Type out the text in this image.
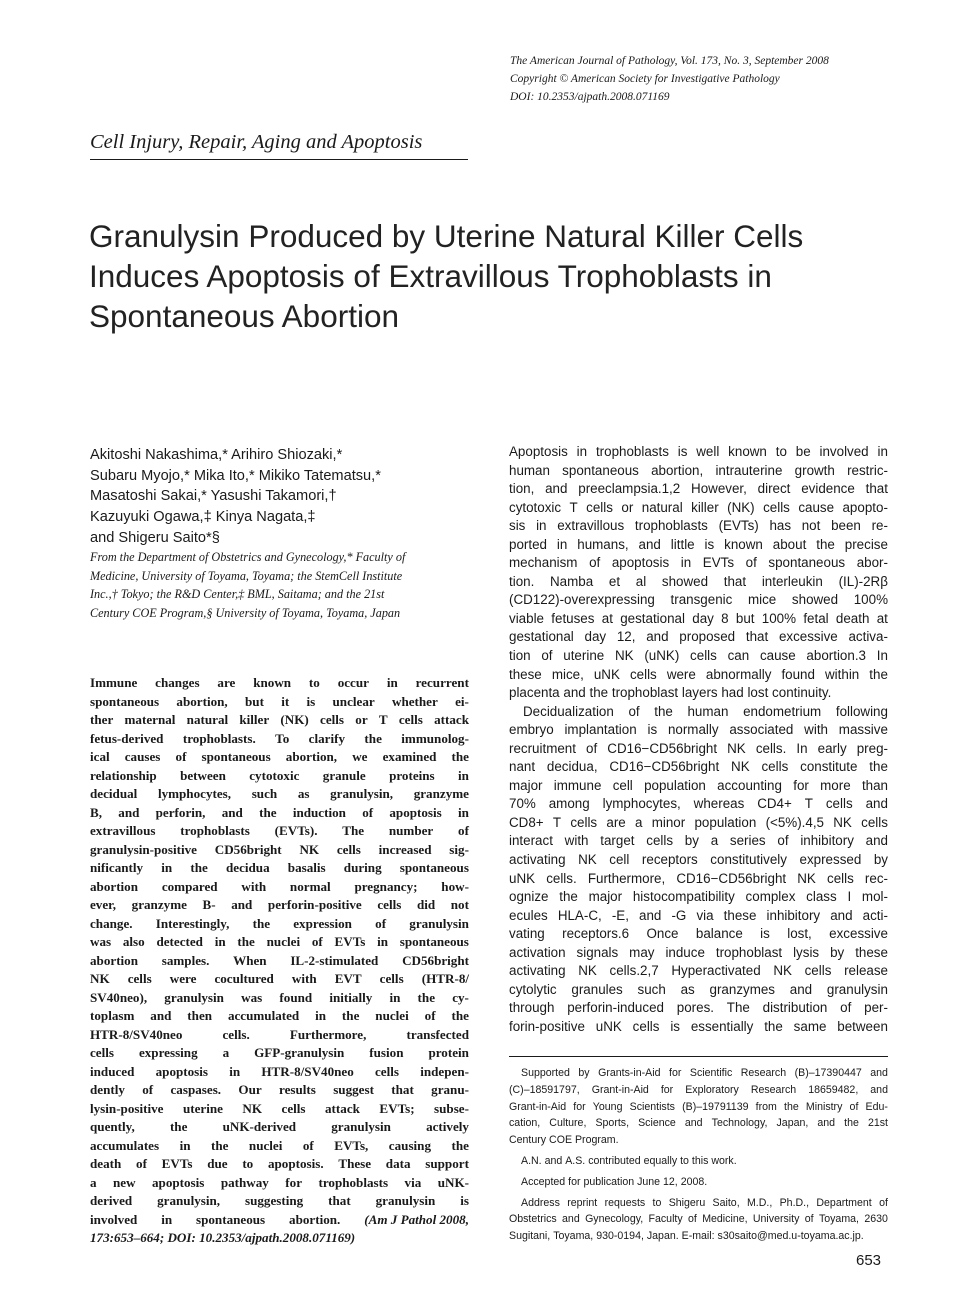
The American Journal of Pathology, Vol. 173, No. 3, September 2008
Copyright © American Society for Investigative Pathology
DOI: 10.2353/ajpath.2008.071169
Cell Injury, Repair, Aging and Apoptosis
Granulysin Produced by Uterine Natural Killer Cells
Induces Apoptosis of Extravillous Trophoblasts in
Spontaneous Abortion
Akitoshi Nakashima,* Arihiro Shiozaki,*
Subaru Myojo,* Mika Ito,* Mikiko Tatematsu,*
Masatoshi Sakai,* Yasushi Takamori,†
Kazuyuki Ogawa,‡ Kinya Nagata,‡
and Shigeru Saito*§
From the Department of Obstetrics and Gynecology,* Faculty of
Medicine, University of Toyama, Toyama; the StemCell Institute
Inc.,† Tokyo; the R&D Center,‡ BML, Saitama; and the 21st
Century COE Program,§ University of Toyama, Toyama, Japan
Immune changes are known to occur in recurrent
spontaneous abortion, but it is unclear whether ei-
ther maternal natural killer (NK) cells or T cells attack
fetus-derived trophoblasts. To clarify the immunolog-
ical causes of spontaneous abortion, we examined the
relationship between cytotoxic granule proteins in
decidual lymphocytes, such as granulysin, granzyme
B, and perforin, and the induction of apoptosis in
extravillous trophoblasts (EVTs). The number of
granulysin-positive CD56bright NK cells increased sig-
nificantly in the decidua basalis during spontaneous
abortion compared with normal pregnancy; how-
ever, granzyme B- and perforin-positive cells did not
change. Interestingly, the expression of granulysin
was also detected in the nuclei of EVTs in spontaneous
abortion samples. When IL-2-stimulated CD56bright
NK cells were cocultured with EVT cells (HTR-8/
SV40neo), granulysin was found initially in the cy-
toplasm and then accumulated in the nuclei of the
HTR-8/SV40neo	cells.	Furthermore,	transfected
cells expressing a GFP-granulysin fusion protein
induced apoptosis in HTR-8/SV40neo cells indepen-
dently of caspases. Our results suggest that granu-
lysin-positive uterine NK cells attack EVTs; subse-
quently,	the	uNK-derived	granulysin	actively
accumulates in the nuclei of EVTs, causing the
death of EVTs due to apoptosis. These data support
a new apoptosis pathway for trophoblasts via uNK-
derived granulysin, suggesting that granulysin is
involved in spontaneous abortion. (Am J Pathol 2008,
173:653–664; DOI: 10.2353/ajpath.2008.071169)
Apoptosis in trophoblasts is well known to be involved in
human spontaneous abortion, intrauterine growth restric-
tion, and preeclampsia.1,2 However, direct evidence that
cytotoxic T cells or natural killer (NK) cells cause apopto-
sis in extravillous trophoblasts (EVTs) has not been re-
ported in humans, and little is known about the precise
mechanism of apoptosis in EVTs of spontaneous abor-
tion. Namba et al showed that interleukin (IL)-2Rβ
(CD122)-overexpressing transgenic mice showed 100%
viable fetuses at gestational day 8 but 100% fetal death at
gestational day 12, and proposed that excessive activa-
tion of uterine NK (uNK) cells can cause abortion.3 In
these mice, uNK cells were abnormally found within the
placenta and the trophoblast layers had lost continuity.
Decidualization of the human endometrium following
embryo implantation is normally associated with massive
recruitment of CD16−CD56bright NK cells. In early preg-
nant decidua, CD16−CD56bright NK cells constitute the
major immune cell population accounting for more than
70% among lymphocytes, whereas CD4+ T cells and
CD8+ T cells are a minor population (<5%).4,5 NK cells
interact with target cells by a series of inhibitory and
activating NK cell receptors constitutively expressed by
uNK cells. Furthermore, CD16−CD56bright NK cells rec-
ognize the major histocompatibility complex class I mol-
ecules HLA-C, -E, and -G via these inhibitory and acti-
vating receptors.6 Once balance is lost, excessive
activation signals may induce trophoblast lysis by these
activating NK cells.2,7 Hyperactivated NK cells release
cytolytic granules such as granzymes and granulysin
through perforin-induced pores. The distribution of per-
forin-positive uNK cells is essentially the same between
Supported by Grants-in-Aid for Scientific Research (B)–17390447 and
(C)–18591797, Grant-in-Aid for Exploratory Research 18659482, and
Grant-in-Aid for Young Scientists (B)–19791139 from the Ministry of Edu-
cation, Culture, Sports, Science and Technology, Japan, and the 21st
Century COE Program.
A.N. and A.S. contributed equally to this work.
Accepted for publication June 12, 2008.
Address reprint requests to Shigeru Saito, M.D., Ph.D., Department of
Obstetrics and Gynecology, Faculty of Medicine, University of Toyama, 2630
Sugitani, Toyama, 930-0194, Japan. E-mail: s30saito@med.u-toyama.ac.jp.
653
